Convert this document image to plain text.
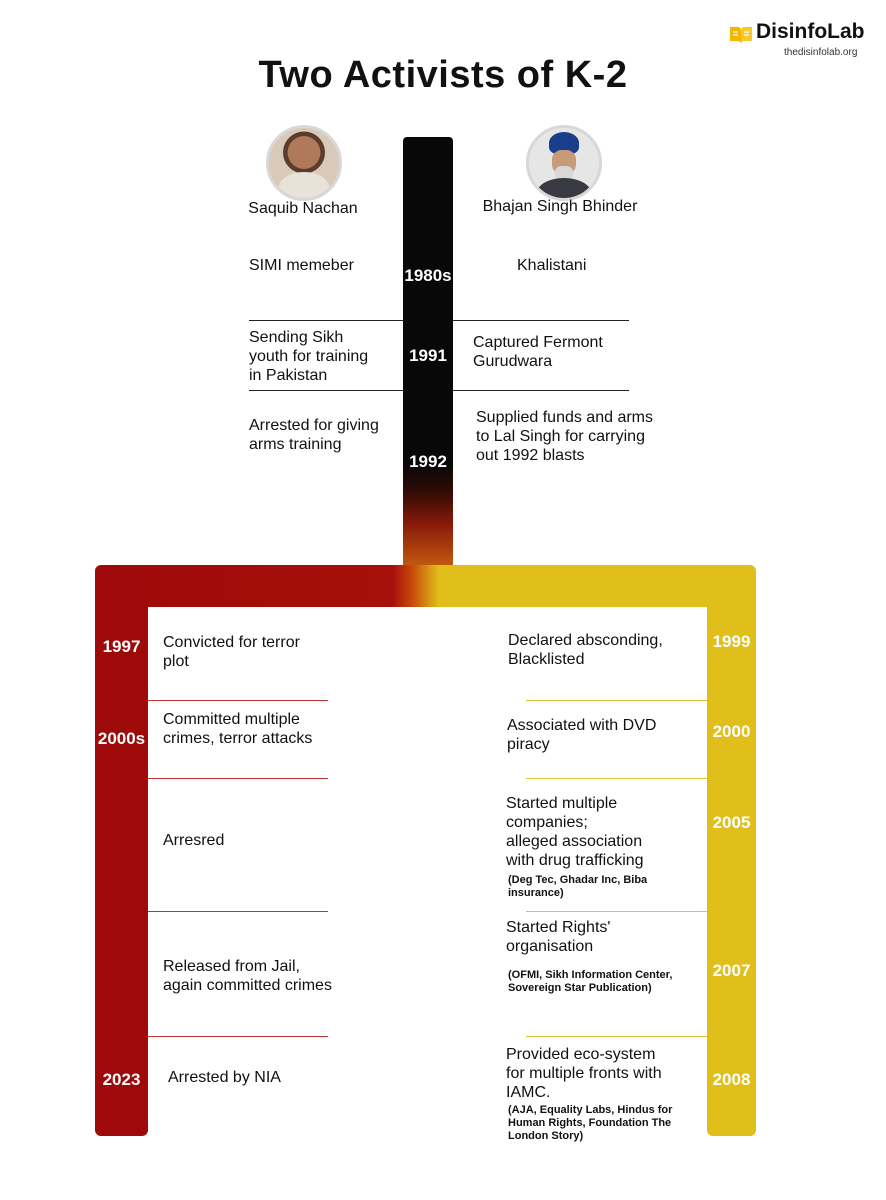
DisinfoLab
thedisinfolab.org
Two Activists of K-2
Saquib Nachan	Bhajan Singh Bhinder
1980s
1991
1992
SIMI memeber	Khalistani
Sending Sikh
youth for training
in Pakistan
Captured Fermont
Gurudwara
Arrested for giving
arms training
Supplied funds and arms
to Lal Singh for carrying
out 1992 blasts
1997
2000s
2023
1999
2000
2005
2007
2008
Convicted for terror
plot
Committed multiple
crimes, terror attacks
Arresred
Released from Jail,
again committed crimes
Arrested by NIA
Declared absconding,
Blacklisted
Associated with DVD
piracy
Started multiple
companies;
alleged association
with drug trafficking
(Deg Tec, Ghadar Inc, Biba
insurance)
Started Rights'
organisation
(OFMI, Sikh Information Center,
Sovereign Star Publication)
Provided eco-system
for multiple fronts with
IAMC.
(AJA, Equality Labs, Hindus for
Human Rights, Foundation The
London Story)
